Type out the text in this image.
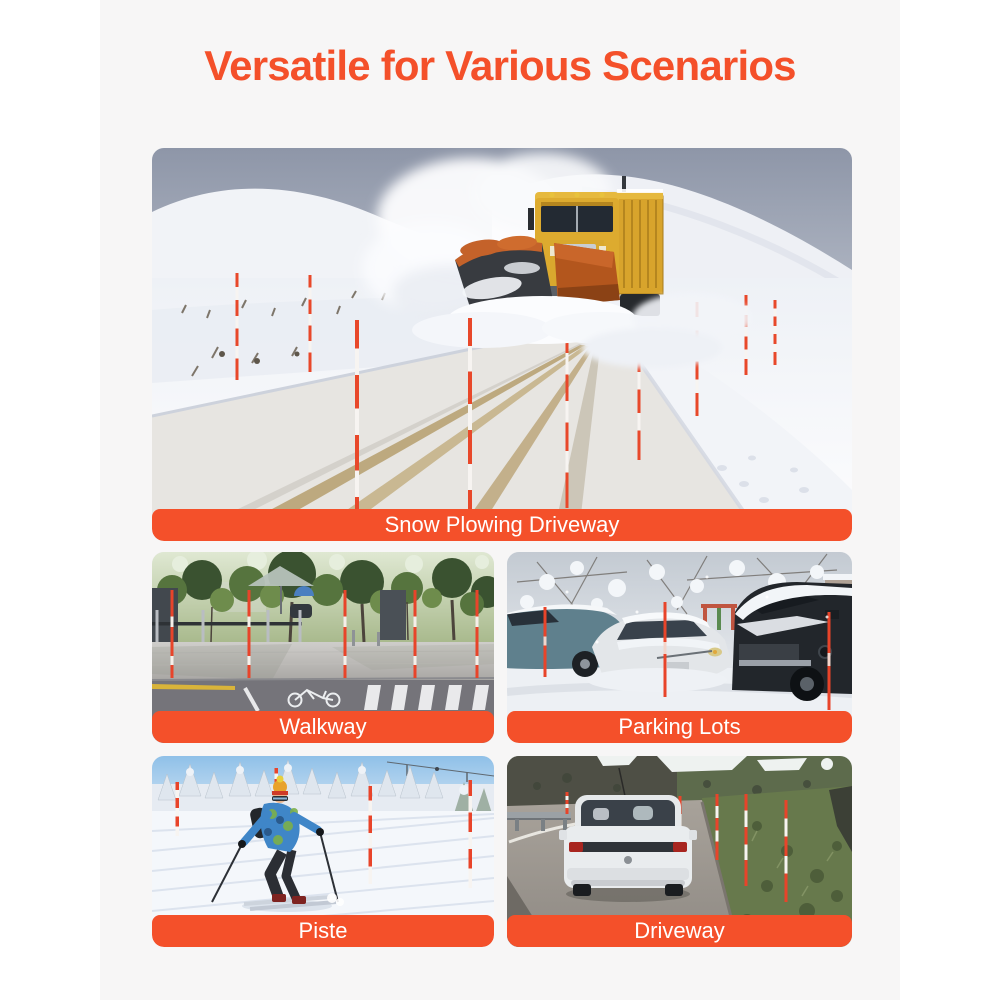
Versatile for Various Scenarios
Snow Plowing Driveway
Walkway	Parking Lots
Piste	Driveway
